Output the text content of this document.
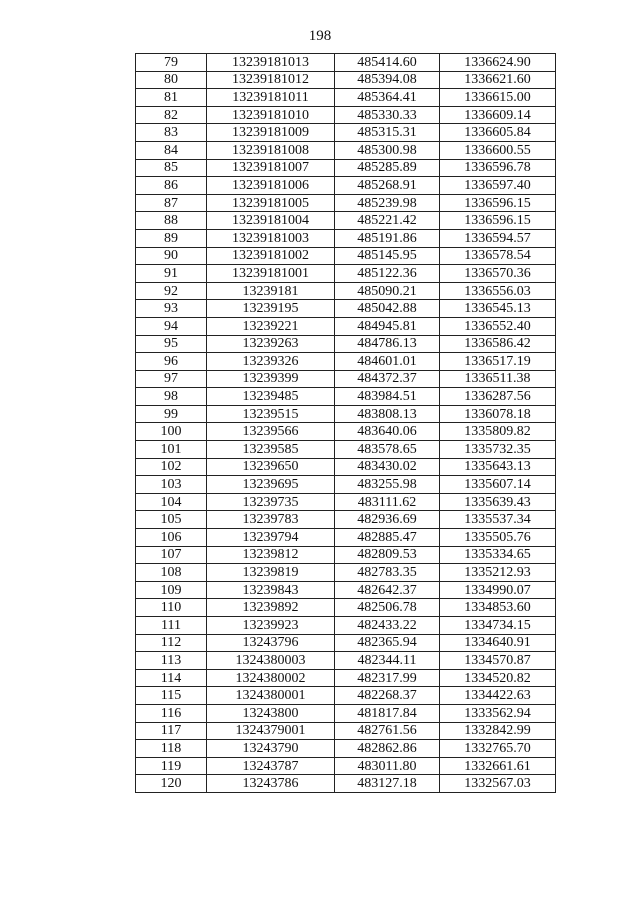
198
79	13239181013	485414.60	1336624.90
80	13239181012	485394.08	1336621.60
81	13239181011	485364.41	1336615.00
82	13239181010	485330.33	1336609.14
83	13239181009	485315.31	1336605.84
84	13239181008	485300.98	1336600.55
85	13239181007	485285.89	1336596.78
86	13239181006	485268.91	1336597.40
87	13239181005	485239.98	1336596.15
88	13239181004	485221.42	1336596.15
89	13239181003	485191.86	1336594.57
90	13239181002	485145.95	1336578.54
91	13239181001	485122.36	1336570.36
92	13239181	485090.21	1336556.03
93	13239195	485042.88	1336545.13
94	13239221	484945.81	1336552.40
95	13239263	484786.13	1336586.42
96	13239326	484601.01	1336517.19
97	13239399	484372.37	1336511.38
98	13239485	483984.51	1336287.56
99	13239515	483808.13	1336078.18
100	13239566	483640.06	1335809.82
101	13239585	483578.65	1335732.35
102	13239650	483430.02	1335643.13
103	13239695	483255.98	1335607.14
104	13239735	483111.62	1335639.43
105	13239783	482936.69	1335537.34
106	13239794	482885.47	1335505.76
107	13239812	482809.53	1335334.65
108	13239819	482783.35	1335212.93
109	13239843	482642.37	1334990.07
110	13239892	482506.78	1334853.60
111	13239923	482433.22	1334734.15
112	13243796	482365.94	1334640.91
113	1324380003	482344.11	1334570.87
114	1324380002	482317.99	1334520.82
115	1324380001	482268.37	1334422.63
116	13243800	481817.84	1333562.94
117	1324379001	482761.56	1332842.99
118	13243790	482862.86	1332765.70
119	13243787	483011.80	1332661.61
120	13243786	483127.18	1332567.03
